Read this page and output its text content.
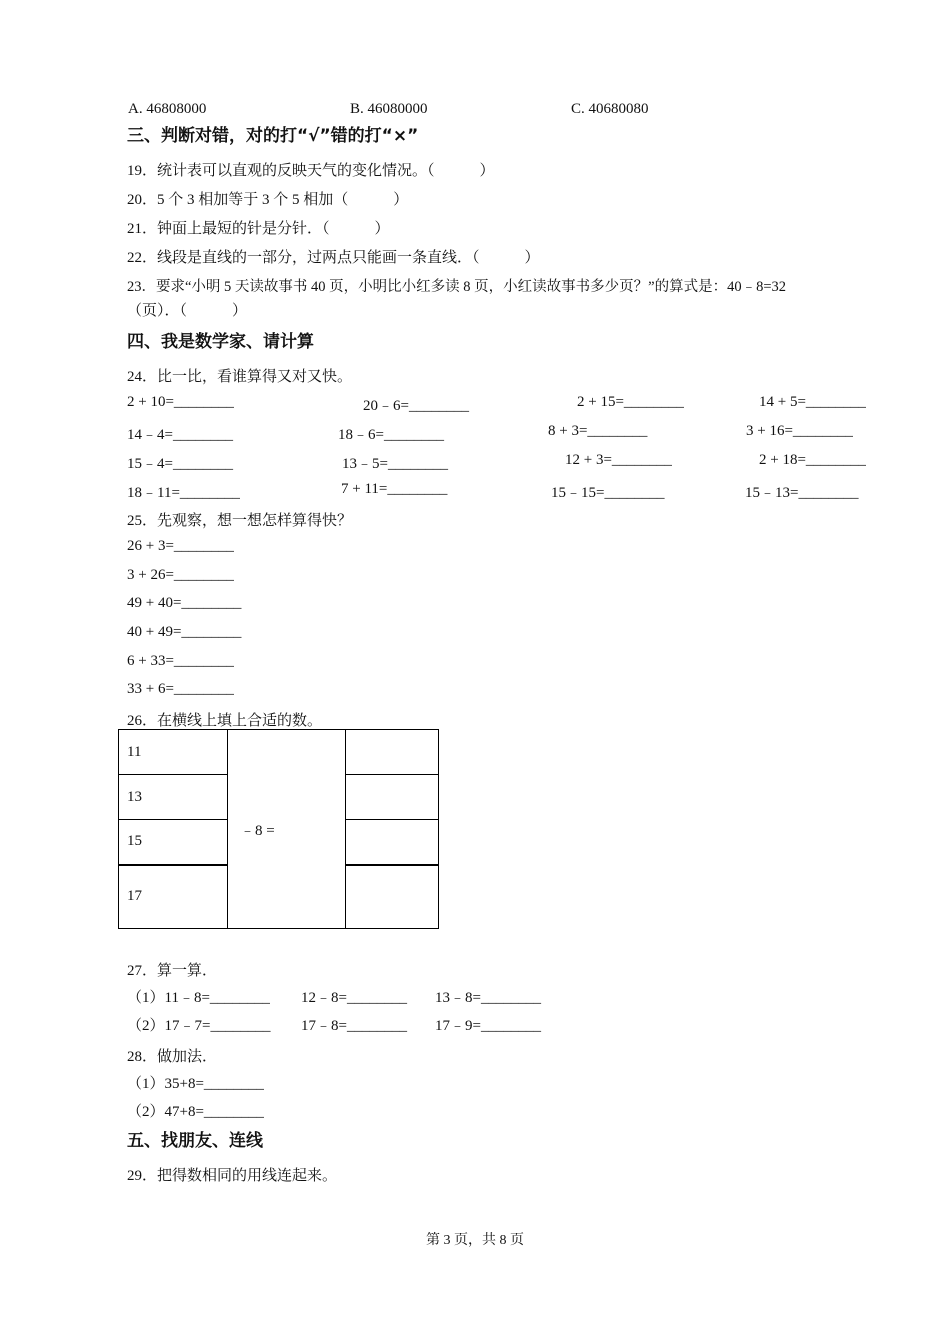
A. 46808000	B. 46080000	C. 40680080
三、判断对错，对的打“√”错的打“×”
19．统计表可以直观的反映天气的变化情况。（　　　）
20．5 个 3 相加等于 3 个 5 相加（　　　）
21．钟面上最短的针是分针．（　　　）
22．线段是直线的一部分，过两点只能画一条直线．（　　　）
23．要求“小明 5 天读故事书 40 页，小明比小红多读 8 页，小红读故事书多少页？”的算式是：40﹣8=32
（页）．（　　　）
四、我是数学家、请计算
24．比一比，看谁算得又对又快。
2 + 10=________	20﹣6=________	2 + 15=________	14 + 5=________
14﹣4=________	18﹣6=________	8 + 3=________	3 + 16=________
15﹣4=________	13﹣5=________	12 + 3=________	2 + 18=________
18﹣11=________	7 + 11=________	15﹣15=________	15﹣13=________
25．先观察，想一想怎样算得快？
26 + 3=________
3 + 26=________
49 + 40=________
40 + 49=________
6 + 33=________
33 + 6=________
26．在横线上填上合适的数。
11	﹣8 =	
13		
15		
17		
27．算一算．
（1）11﹣8=________ 12﹣8=________ 13﹣8=________
（2）17﹣7=________ 17﹣8=________ 17﹣9=________
28．做加法．
（1）35+8=________
（2）47+8=________
五、找朋友、连线
29．把得数相同的用线连起来。
第 3 页，共 8 页
